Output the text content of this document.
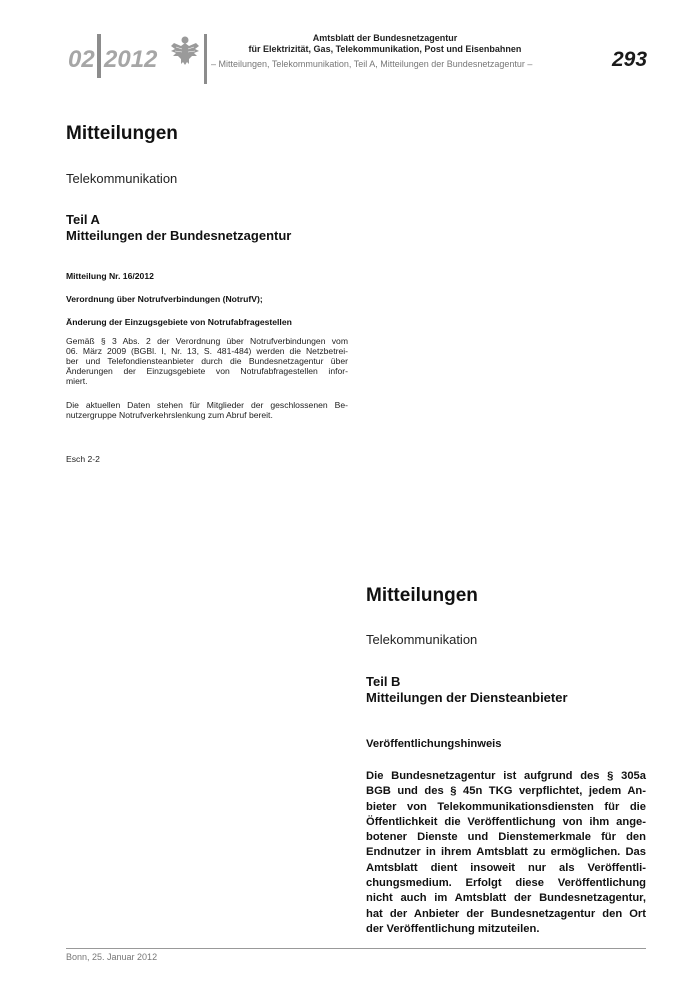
02 2012
Amtsblatt der Bundesnetzagentur
für Elektrizität, Gas, Telekommunikation, Post und Eisenbahnen
– Mitteilungen, Telekommunikation, Teil A, Mitteilungen der Bundesnetzagentur –	293
Mitteilungen
Telekommunikation
Teil A
Mitteilungen der Bundesnetzagentur
Mitteilung Nr. 16/2012
Verordnung über Notrufverbindungen (NotrufV);
Änderung der Einzugsgebiete von Notrufabfragestellen
Gemäß § 3 Abs. 2 der Verordnung über Notrufverbindungen vom
06. März 2009 (BGBl. I, Nr. 13, S. 481-484) werden die Netzbetrei-
ber und Telefondiensteanbieter durch die Bundesnetzagentur über
Änderungen der Einzugsgebiete von Notrufabfragestellen infor-
miert.
Die aktuellen Daten stehen für Mitglieder der geschlossenen Be-
nutzergruppe Notrufverkehrslenkung zum Abruf bereit.
Esch 2-2
Mitteilungen
Telekommunikation
Teil B
Mitteilungen der Diensteanbieter
Veröffentlichungshinweis
Die Bundesnetzagentur ist aufgrund des § 305a
BGB und des § 45n TKG verpflichtet, jedem An-
bieter von Telekommunikationsdiensten für die
Öffentlichkeit die Veröffentlichung von ihm ange-
botener Dienste und Dienstemerkmale für den
Endnutzer in ihrem Amtsblatt zu ermöglichen. Das
Amtsblatt dient insoweit nur als Veröffentli-
chungsmedium. Erfolgt diese Veröffentlichung
nicht auch im Amtsblatt der Bundesnetzagentur,
hat der Anbieter der Bundesnetzagentur den Ort
der Veröffentlichung mitzuteilen.
Bonn, 25. Januar 2012
